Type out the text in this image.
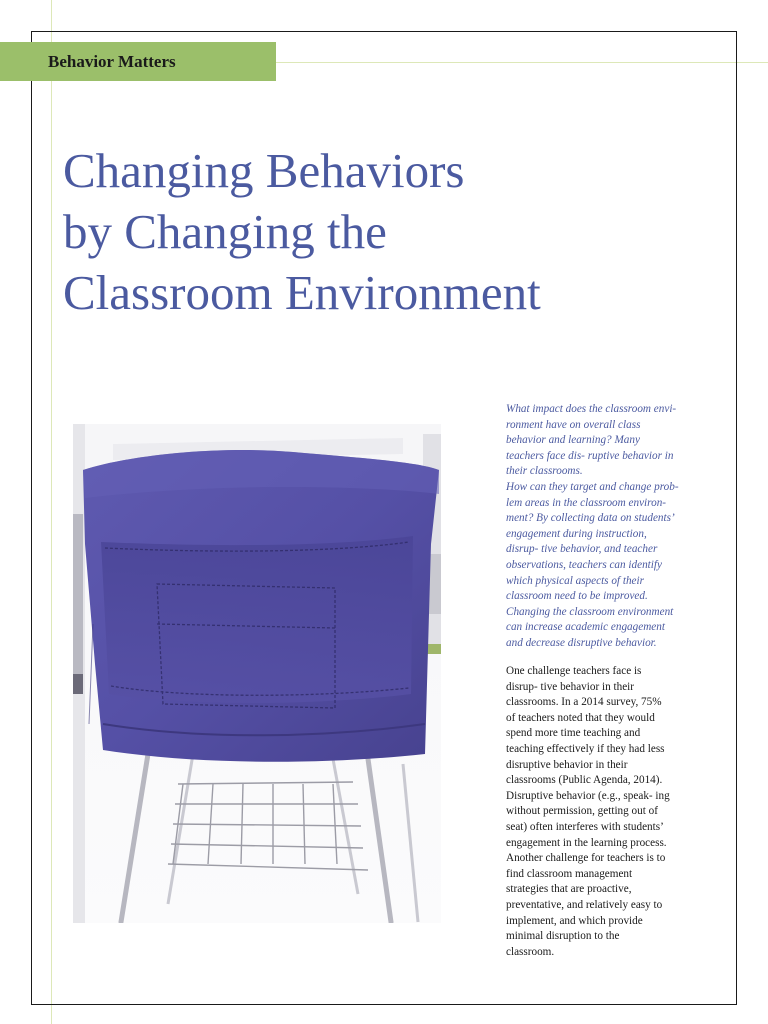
Behavior Matters
Changing Behaviors
by Changing the
Classroom Environment

What impact does the classroom envi-
ronment have on overall class
behavior and learning? Many
teachers face dis- ruptive behavior in
their classrooms.
How can they target and change prob-
lem areas in the classroom environ-
ment? By collecting data on students’
engagement during instruction,
disrup- tive behavior, and teacher
observations, teachers can identify
which physical aspects of their
classroom need to be improved.
Changing the classroom environment
can increase academic engagement
and decrease disruptive behavior.

One challenge teachers face is
disrup- tive behavior in their
classrooms. In a 2014 survey, 75%
of teachers noted that they would
spend more time teaching and
teaching effectively if they had less
disruptive behavior in their
classrooms (Public Agenda, 2014).
Disruptive behavior (e.g., speak- ing
without permission, getting out of
seat) often interferes with students’
engagement in the learning process.
Another challenge for teachers is to
find classroom management
strategies that are proactive,
preventative, and relatively easy to
implement, and which provide
minimal disruption to the
classroom.
